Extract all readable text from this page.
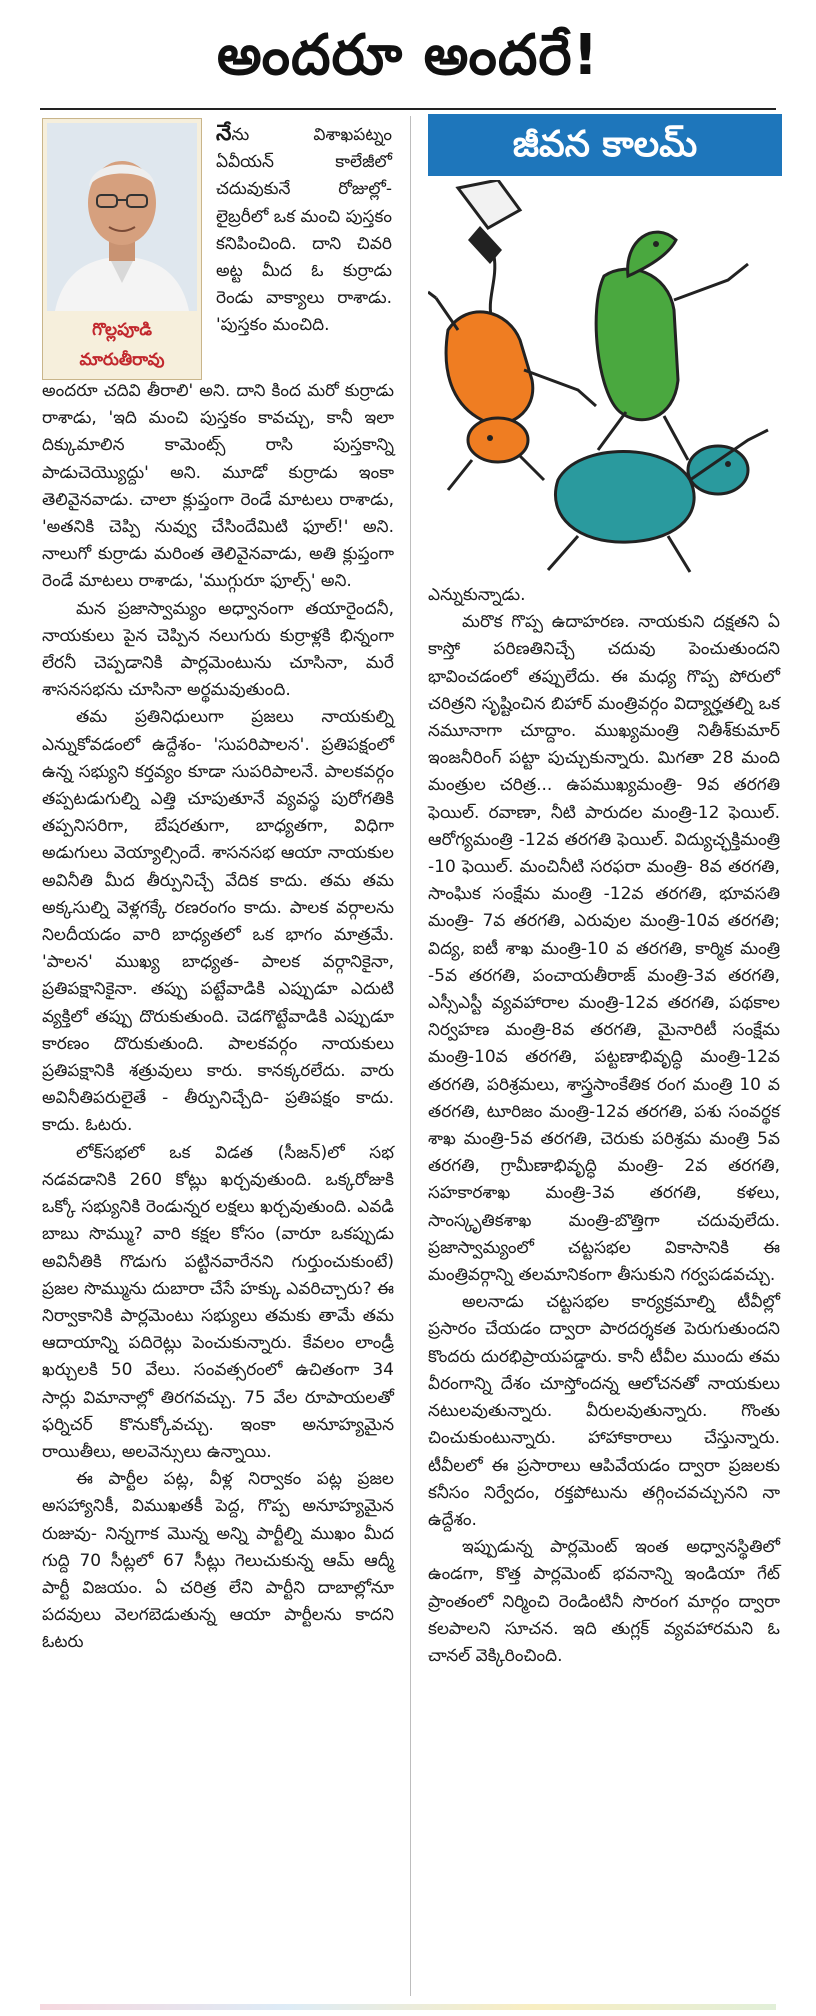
అందరూ అందరే!
గొల్లపూడి
మారుతీరావు

నేను విశాఖపట్నం ఏవీయన్ కాలేజీలో చదువుకునే రోజుల్లో- లైబ్రరీలో ఒక మంచి పుస్తకం కనిపించింది. దాని చివరి అట్ట మీద ఓ కుర్రాడు రెండు వాక్యాలు రాశాడు. 'పుస్తకం మంచిది.

అందరూ చదివి తీరాలి' అని. దాని కింద మరో కుర్రాడు రాశాడు, 'ఇది మంచి పుస్తకం కావచ్చు, కానీ ఇలా దిక్కుమాలిన కామెంట్స్ రాసి పుస్తకాన్ని పాడుచెయ్యొద్దు' అని. మూడో కుర్రాడు ఇంకా తెలివైనవాడు. చాలా క్లుప్తంగా రెండే మాటలు రాశాడు, 'అతనికి చెప్పి నువ్వు చేసిందేమిటి ఫూల్!' అని. నాలుగో కుర్రాడు మరింత తెలివైనవాడు, అతి క్లుప్తంగా రెండే మాటలు రాశాడు, 'ముగ్గురూ ఫూల్స్' అని.

మన ప్రజాస్వామ్యం అధ్వానంగా తయారైందనీ, నాయకులు పైన చెప్పిన నలుగురు కుర్రాళ్లకి భిన్నంగా లేరనీ చెప్పడానికి పార్లమెంటును చూసినా, మరే శాసనసభను చూసినా అర్థమవుతుంది.

తమ ప్రతినిధులుగా ప్రజలు నాయకుల్ని ఎన్నుకోవడంలో ఉద్దేశం- 'సుపరిపాలన'. ప్రతిపక్షంలో ఉన్న సభ్యుని కర్తవ్యం కూడా సుపరిపాలనే. పాలకవర్గం తప్పటడుగుల్ని ఎత్తి చూపుతూనే వ్యవస్థ పురోగతికి తప్పనిసరిగా, బేషరతుగా, బాధ్యతగా, విధిగా అడుగులు వెయ్యాల్సిందే. శాసనసభ ఆయా నాయకుల అవినీతి మీద తీర్పునిచ్చే వేదిక కాదు. తమ తమ అక్కసుల్ని వెళ్లగక్కే రణరంగం కాదు. పాలక వర్గాలను నిలదీయడం వారి బాధ్యతలో ఒక భాగం మాత్రమే. 'పాలన' ముఖ్య బాధ్యత- పాలక వర్గానికైనా, ప్రతిపక్షానికైనా. తప్పు పట్టేవాడికి ఎప్పుడూ ఎదుటి వ్యక్తిలో తప్పు దొరుకుతుంది. చెడగొట్టేవాడికి ఎప్పుడూ కారణం దొరుకుతుంది. పాలకవర్గం నాయకులు ప్రతిపక్షానికి శత్రువులు కారు. కానక్కరలేదు. వారు అవినీతిపరులైతే - తీర్పునిచ్చేది- ప్రతిపక్షం కాదు. కాదు. ఓటరు.

లోక్‌సభలో ఒక విడత (సీజన్)లో సభ నడవడానికి 260 కోట్లు ఖర్చవుతుంది. ఒక్కరోజుకి ఒక్కో సభ్యునికి రెండున్నర లక్షలు ఖర్చవుతుంది. ఎవడి బాబు సొమ్ము? వారి కక్షల కోసం (వారూ ఒకప్పుడు అవినీతికి గొడుగు పట్టినవారేనని గుర్తుంచుకుంటే) ప్రజల సొమ్మును దుబారా చేసే హక్కు ఎవరిచ్చారు? ఈ నిర్వాకానికి పార్లమెంటు సభ్యులు తమకు తామే తమ ఆదాయాన్ని పదిరెట్లు పెంచుకున్నారు. కేవలం లాండ్రీ ఖర్చులకి 50 వేలు. సంవత్సరంలో ఉచితంగా 34 సార్లు విమానాల్లో తిరగవచ్చు. 75 వేల రూపాయలతో ఫర్నిచర్ కొనుక్కోవచ్చు. ఇంకా అనూహ్యమైన రాయితీలు, అలవెన్సులు ఉన్నాయి.

ఈ పార్టీల పట్ల, వీళ్ల నిర్వాకం పట్ల ప్రజల అసహ్యానికీ, విముఖతకీ పెద్ద, గొప్ప అనూహ్యమైన రుజువు- నిన్నగాక మొన్న అన్ని పార్టీల్ని ముఖం మీద గుద్ది 70 సీట్లలో 67 సీట్లు గెలుచుకున్న ఆమ్ ఆద్మీ పార్టీ విజయం. ఏ చరిత్ర లేని పార్టీని దాబాల్లోనూ పదవులు వెలగబెడుతున్న ఆయా పార్టీలను కాదని ఓటరు

జీవన కాలమ్

ఎన్నుకున్నాడు.

మరొక గొప్ప ఉదాహరణ. నాయకుని దక్షతని ఏ కాస్తో పరిణతినిచ్చే చదువు పెంచుతుందని భావించడంలో తప్పులేదు. ఈ మధ్య గొప్ప పోరులో చరిత్రని సృష్టించిన బిహార్ మంత్రివర్గం విద్యార్హతల్ని ఒక నమూనాగా చూద్దాం. ముఖ్యమంత్రి నితీశ్‌కుమార్ ఇంజనీరింగ్ పట్టా పుచ్చుకున్నారు. మిగతా 28 మంది మంత్రుల చరిత్ర... ఉపముఖ్యమంత్రి- 9వ తరగతి ఫెయిల్. రవాణా, నీటి పారుదల మంత్రి-12 ఫెయిల్. ఆరోగ్యమంత్రి -12వ తరగతి ఫెయిల్. విద్యుచ్ఛక్తిమంత్రి -10 ఫెయిల్. మంచినీటి సరఫరా మంత్రి- 8వ తరగతి, సాంఘిక సంక్షేమ మంత్రి -12వ తరగతి, భూవసతి మంత్రి- 7వ తరగతి, ఎరువుల మంత్రి-10వ తరగతి; విద్య, ఐటీ శాఖ మంత్రి-10 వ తరగతి, కార్మిక మంత్రి -5వ తరగతి, పంచాయతీరాజ్ మంత్రి-3వ తరగతి, ఎస్సీఎస్టీ వ్యవహారాల మంత్రి-12వ తరగతి, పథకాల నిర్వహణ మంత్రి-8వ తరగతి, మైనారిటీ సంక్షేమ మంత్రి-10వ తరగతి, పట్టణాభివృద్ధి మంత్రి-12వ తరగతి, పరిశ్రమలు, శాస్త్రసాంకేతిక రంగ మంత్రి 10 వ తరగతి, టూరిజం మంత్రి-12వ తరగతి, పశు సంవర్థక శాఖ మంత్రి-5వ తరగతి, చెరుకు పరిశ్రమ మంత్రి 5వ తరగతి, గ్రామీణాభివృద్ధి మంత్రి- 2వ తరగతి, సహకారశాఖ మంత్రి-3వ తరగతి, కళలు, సాంస్కృతికశాఖ మంత్రి-బొత్తిగా చదువులేదు. ప్రజాస్వామ్యంలో చట్టసభల వికాసానికి ఈ మంత్రివర్గాన్ని తలమానికంగా తీసుకుని గర్వపడవచ్చు.

అలనాడు చట్టసభల కార్యక్రమాల్ని టీవీల్లో ప్రసారం చేయడం ద్వారా పారదర్శకత పెరుగుతుందని కొందరు దురభిప్రాయపడ్డారు. కానీ టీవీల ముందు తమ వీరంగాన్ని దేశం చూస్తోందన్న ఆలోచనతో నాయకులు నటులవుతున్నారు. వీరులవుతున్నారు. గొంతు చించుకుంటున్నారు. హాహాకారాలు చేస్తున్నారు. టీవీలలో ఈ ప్రసారాలు ఆపివేయడం ద్వారా ప్రజలకు కనీసం నిర్వేదం, రక్తపోటును తగ్గించవచ్చునని నా ఉద్దేశం.

ఇప్పుడున్న పార్లమెంట్ ఇంత అధ్వానస్థితిలో ఉండగా, కొత్త పార్లమెంట్ భవనాన్ని ఇండియా గేట్ ప్రాంతంలో నిర్మించి రెండింటినీ సొరంగ మార్గం ద్వారా కలపాలని సూచన. ఇది తుగ్లక్ వ్యవహారమని ఓ చానల్ వెక్కిరించింది.
